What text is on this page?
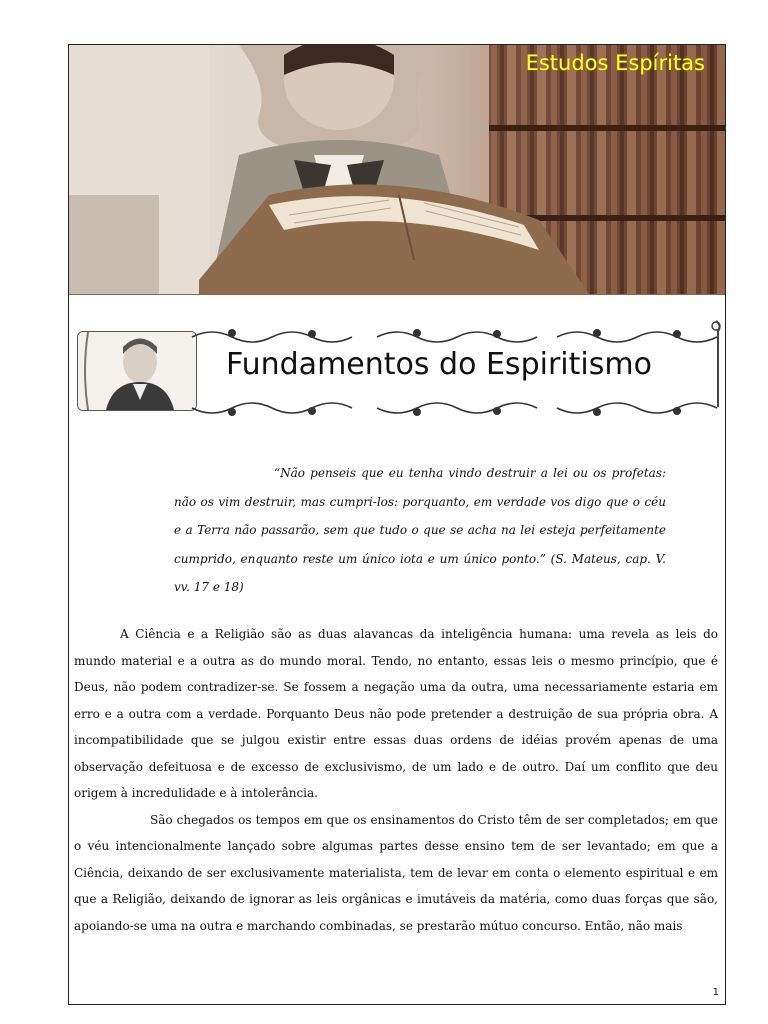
Estudos Espíritas
Fundamentos do Espiritismo
“Não penseis que eu tenha vindo destruir a lei ou os profetas: não os vim destruir, mas cumpri-los: porquanto, em verdade vos digo que o céu e a Terra não passarão, sem que tudo o que se acha na lei esteja perfeitamente cumprido, enquanto reste um único iota e um único ponto.” (S. Mateus, cap. V. vv. 17 e 18)

A Ciência e a Religião são as duas alavancas da inteligência humana: uma revela as leis do mundo material e a outra as do mundo moral. Tendo, no entanto, essas leis o mesmo princípio, que é Deus, não podem contradizer-se. Se fossem a negação uma da outra, uma necessariamente estaria em erro e a outra com a verdade. Porquanto Deus não pode pretender a destruição de sua própria obra. A incompatibilidade que se julgou existir entre essas duas ordens de idéias provém apenas de uma observação defeituosa e de excesso de exclusivismo, de um lado e de outro. Daí um conflito que deu origem à incredulidade e à intolerância.

São chegados os tempos em que os ensinamentos do Cristo têm de ser completados; em que o véu intencionalmente lançado sobre algumas partes desse ensino tem de ser levantado; em que a Ciência, deixando de ser exclusivamente materialista, tem de levar em conta o elemento espiritual e em que a Religião, deixando de ignorar as leis orgânicas e imutáveis da matéria, como duas forças que são, apoiando-se uma na outra e marchando combinadas, se prestarão mútuo concurso. Então, não mais

1
